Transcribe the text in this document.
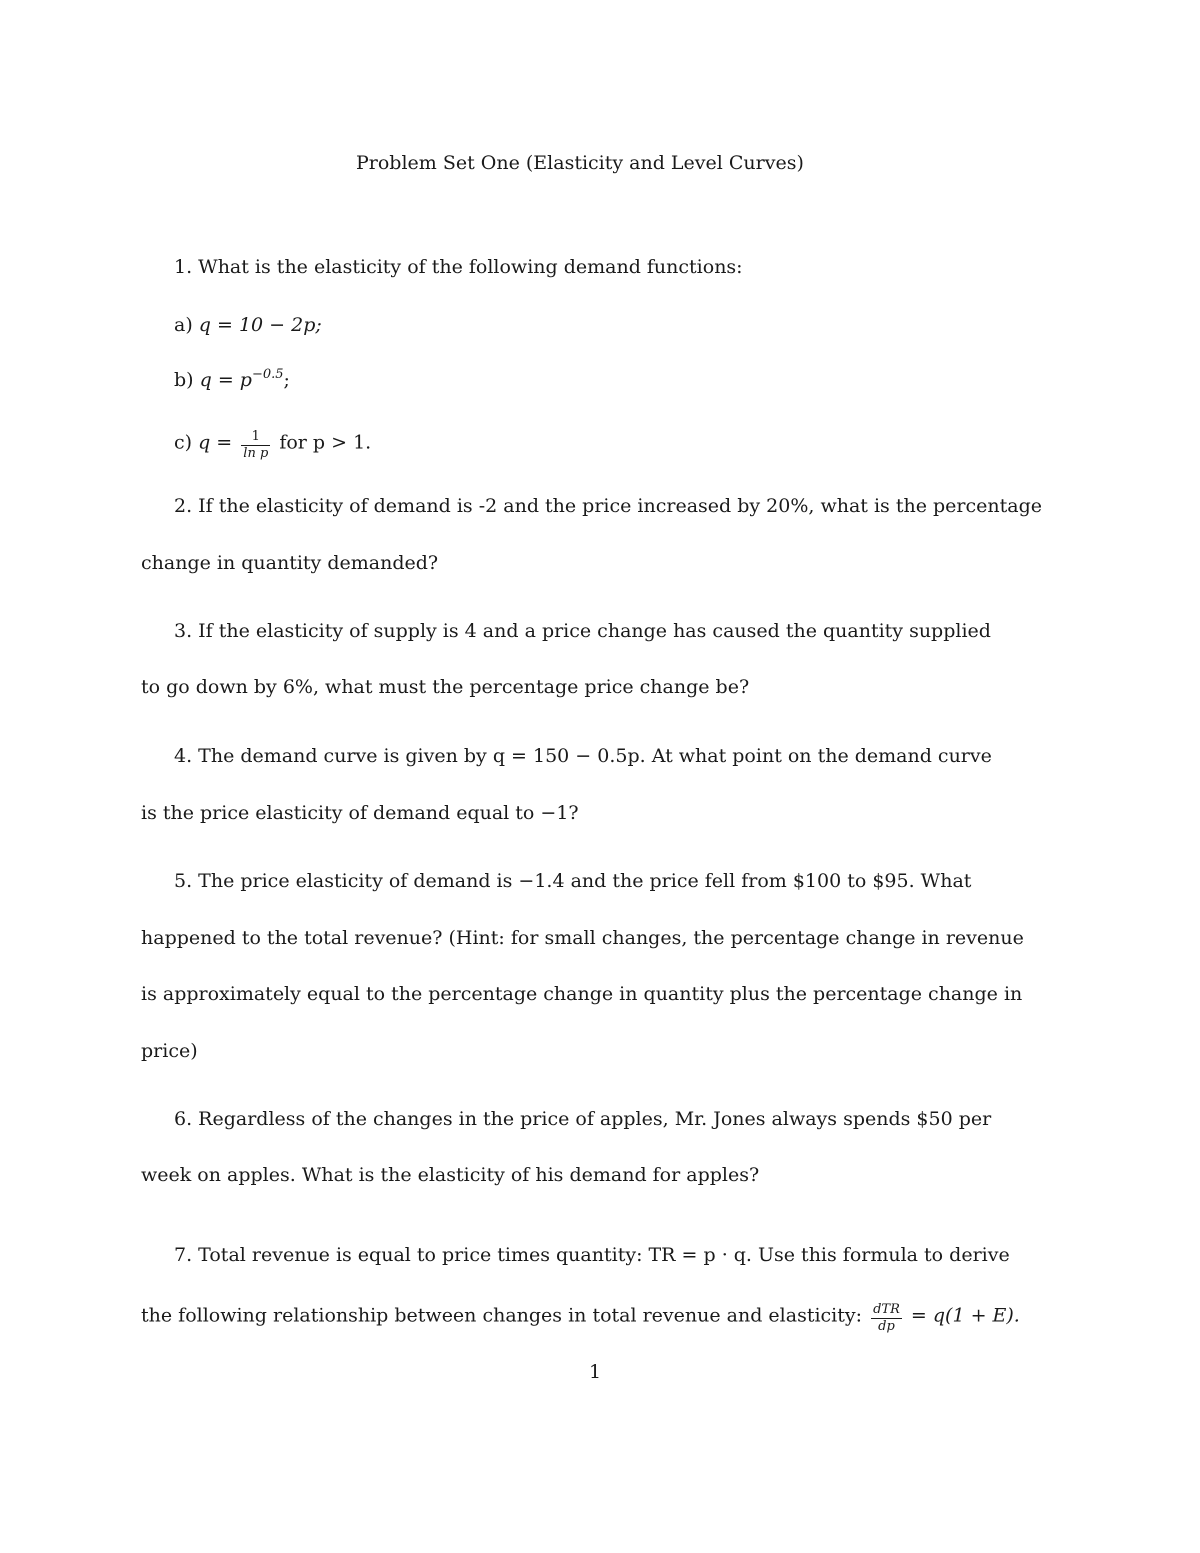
Problem Set One (Elasticity and Level Curves)
1. What is the elasticity of the following demand functions:
a) q = 10 − 2p;
b) $q = p^{-0.5}$;
c) $q = \frac{1}{\text{ln p}}$ for p > 1.
2. If the elasticity of demand is -2 and the price increased by 20%, what is the percentage
change in quantity demanded?
3. If the elasticity of supply is 4 and a price change has caused the quantity supplied
to go down by 6%, what must the percentage price change be?
4. The demand curve is given by q = 150 − 0.5p. At what point on the demand curve
is the price elasticity of demand equal to −1?
5. The price elasticity of demand is −1.4 and the price fell from $100 to $95. What
happened to the total revenue? (Hint: for small changes, the percentage change in revenue
is approximately equal to the percentage change in quantity plus the percentage change in
price)
6. Regardless of the changes in the price of apples, Mr. Jones always spends $50 per
week on apples. What is the elasticity of his demand for apples?
7. Total revenue is equal to price times quantity: TR = p · q. Use this formula to derive
the following relationship between changes in total revenue and elasticity: $\frac{\text{dTR}}{dp} = q(1 + E)$.
1
